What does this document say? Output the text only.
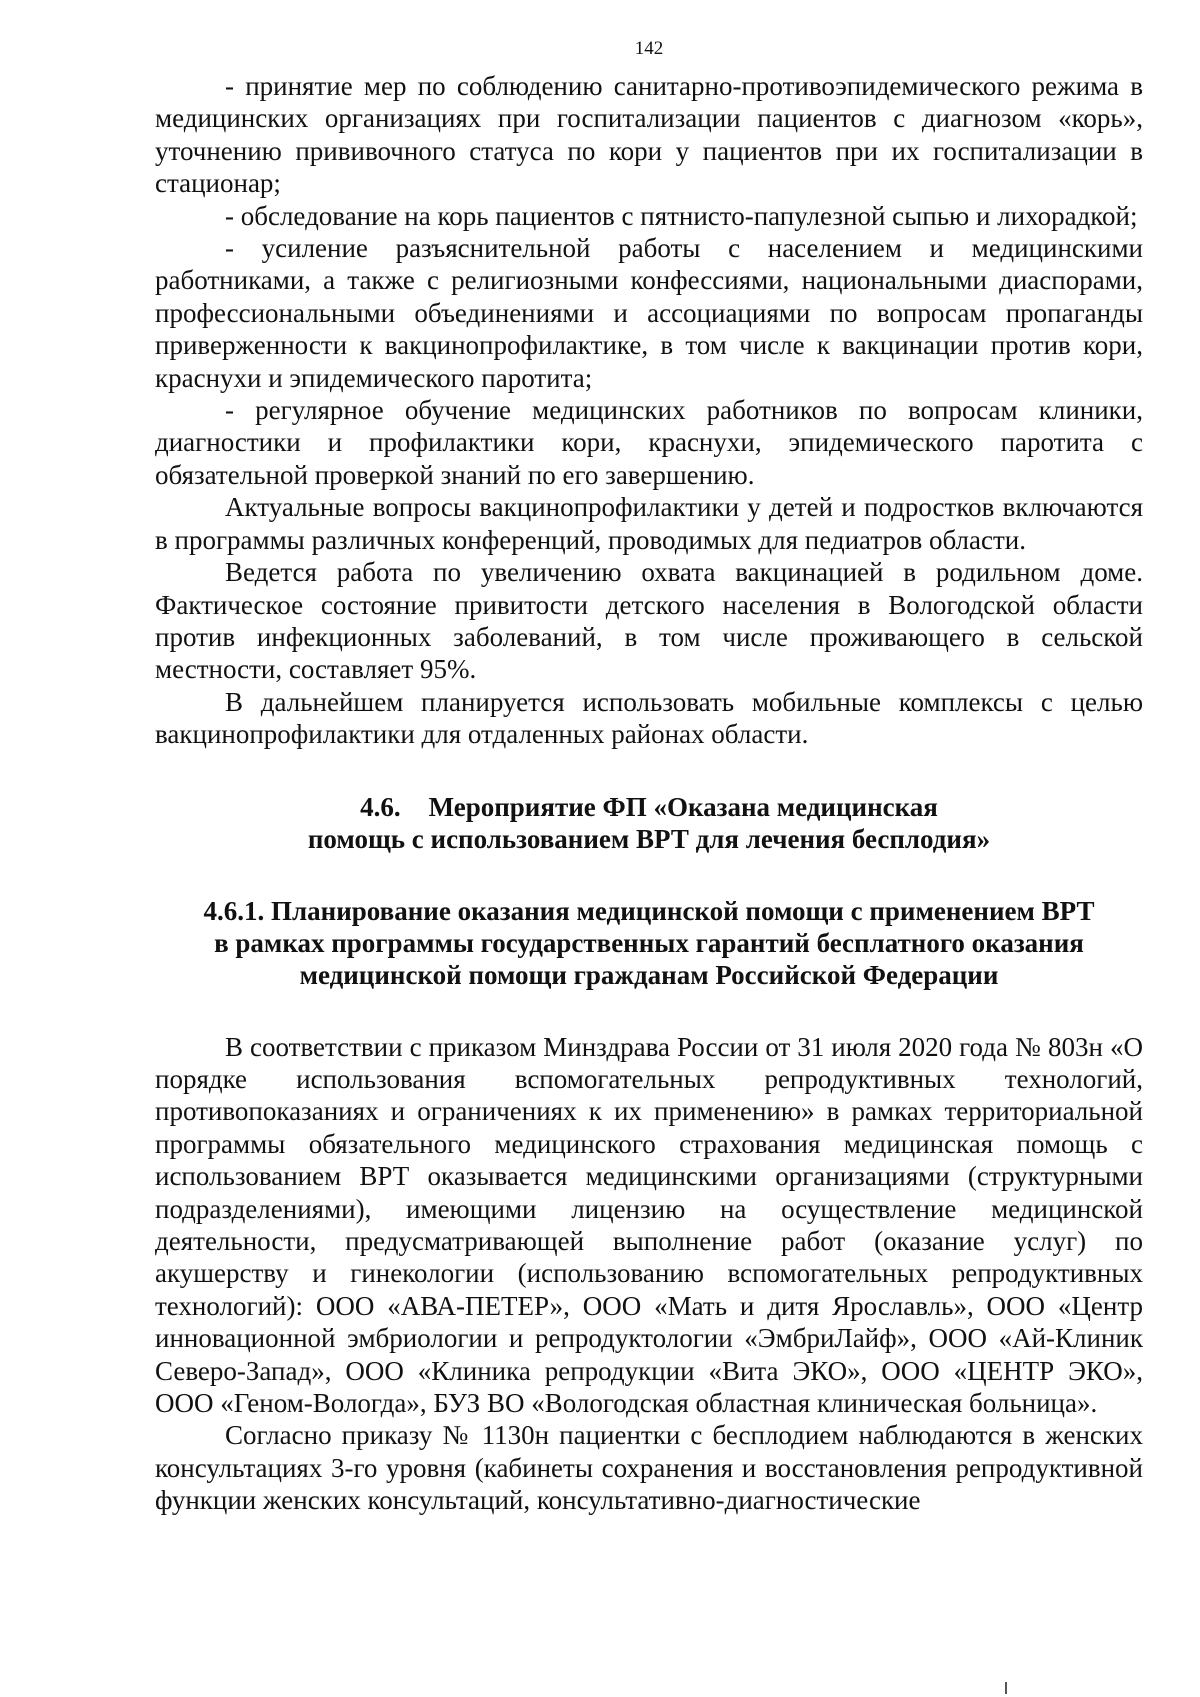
142

- принятие мер по соблюдению санитарно-противоэпидемического режима в медицинских организациях при госпитализации пациентов с диагнозом «корь», уточнению прививочного статуса по кори у пациентов при их госпитализации в стационар;

- обследование на корь пациентов с пятнисто-папулезной сыпью и лихорадкой;

- усиление разъяснительной работы с населением и медицинскими работниками, а также с религиозными конфессиями, национальными диаспорами, профессиональными объединениями и ассоциациями по вопросам пропаганды приверженности к вакцинопрофилактике, в том числе к вакцинации против кори, краснухи и эпидемического паротита;

- регулярное обучение медицинских работников по вопросам клиники, диагностики и профилактики кори, краснухи, эпидемического паротита с обязательной проверкой знаний по его завершению.

Актуальные вопросы вакцинопрофилактики у детей и подростков включаются в программы различных конференций, проводимых для педиатров области.

Ведется работа по увеличению охвата вакцинацией в родильном доме. Фактическое состояние привитости детского населения в Вологодской области против инфекционных заболеваний, в том числе проживающего в сельской местности, составляет 95%.

В дальнейшем планируется использовать мобильные комплексы с целью вакцинопрофилактики для отдаленных районах области.

4.6. Мероприятие ФП «Оказана медицинская
помощь с использованием ВРТ для лечения бесплодия»
4.6.1. Планирование оказания медицинской помощи с применением ВРТ
в рамках программы государственных гарантий бесплатного оказания
медицинской помощи гражданам Российской Федерации

В соответствии с приказом Минздрава России от 31 июля 2020 года № 803н «О порядке использования вспомогательных репродуктивных технологий, противопоказаниях и ограничениях к их применению» в рамках территориальной программы обязательного медицинского страхования медицинская помощь с использованием ВРТ оказывается медицинскими организациями (структурными подразделениями), имеющими лицензию на осуществление медицинской деятельности, предусматривающей выполнение работ (оказание услуг) по акушерству и гинекологии (использованию вспомогательных репродуктивных технологий): ООО «АВА-ПЕТЕР», ООО «Мать и дитя Ярославль», ООО «Центр инновационной эмбриологии и репродуктологии «ЭмбриЛайф», ООО «Ай-Клиник Северо-Запад», ООО «Клиника репродукции «Вита ЭКО», ООО «ЦЕНТР ЭКО», ООО «Геном-Вологда», БУЗ ВО «Вологодская областная клиническая больница».

Согласно приказу № 1130н пациентки с бесплодием наблюдаются в женских консультациях 3-го уровня (кабинеты сохранения и восстановления репродуктивной функции женских консультаций, консультативно-диагностические
